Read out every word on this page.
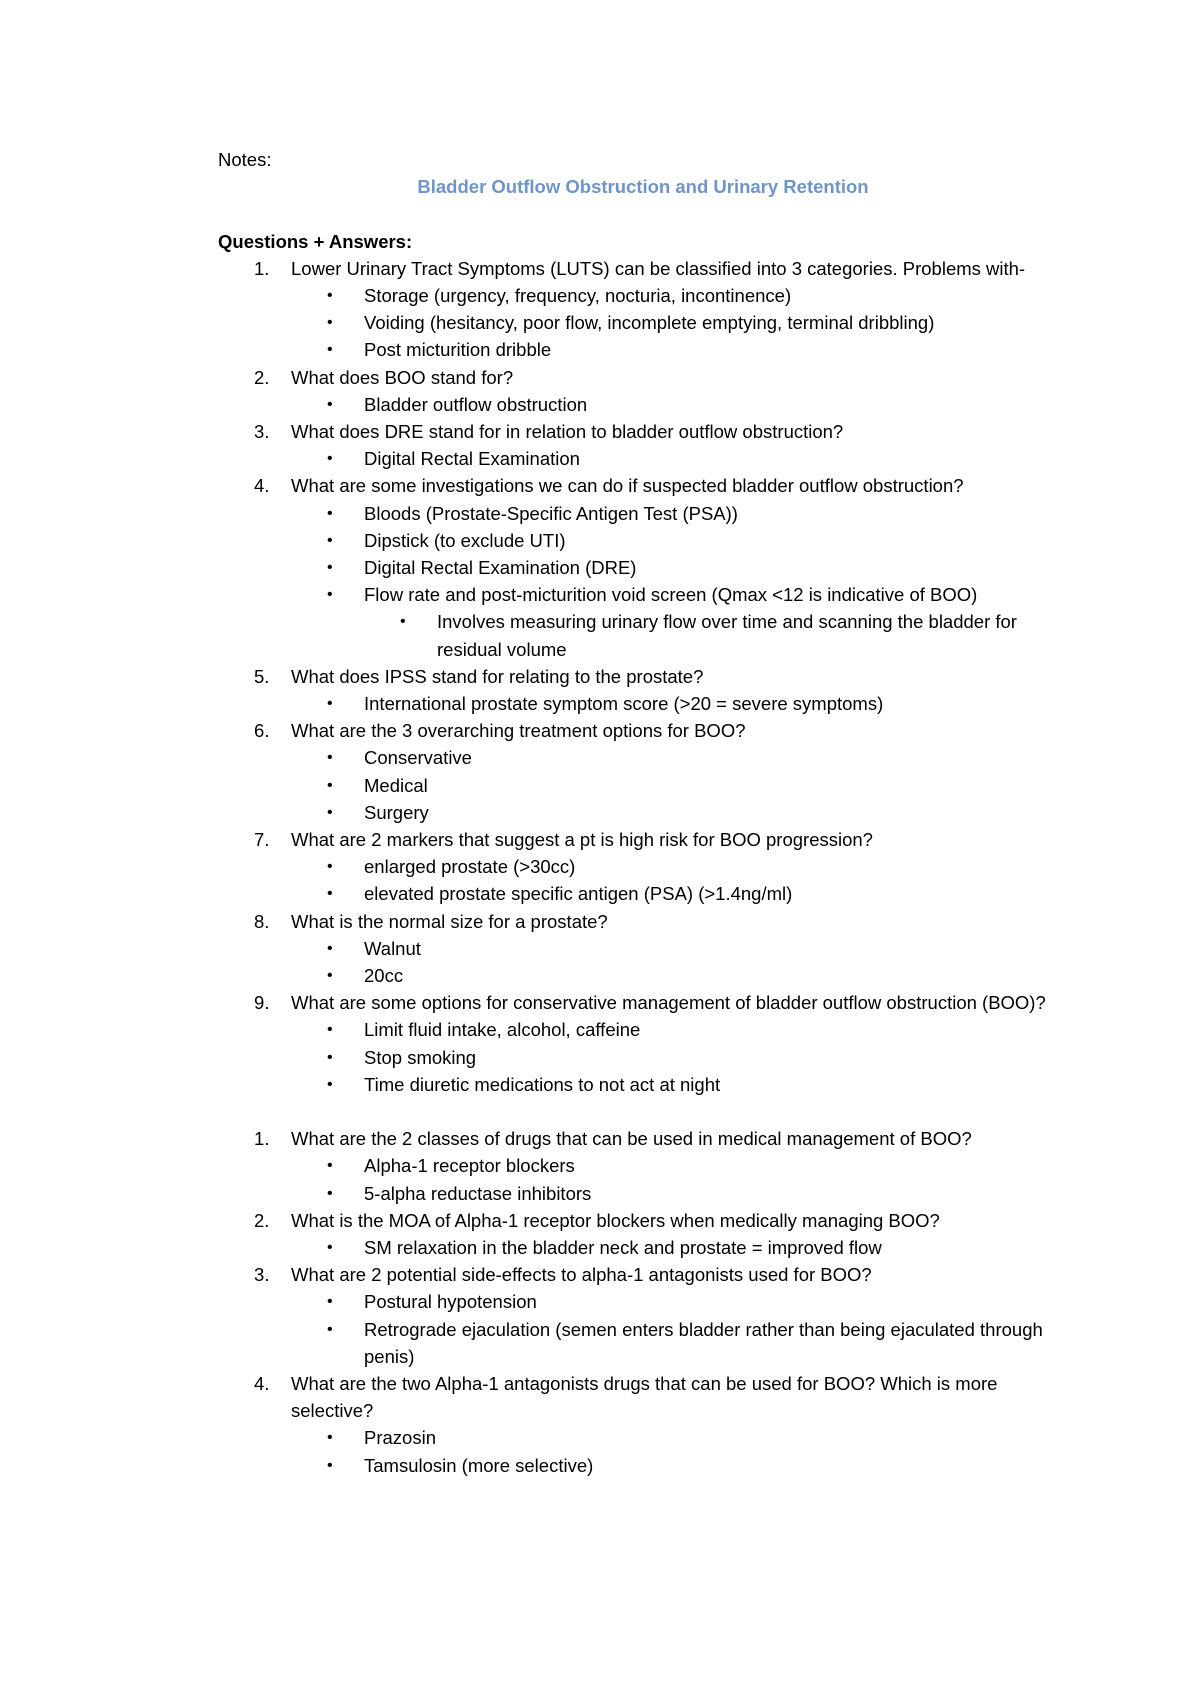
Notes:

Bladder Outflow Obstruction and Urinary Retention

Questions + Answers:

1.	Lower Urinary Tract Symptoms (LUTS) can be classified into 3 categories. Problems with-
• Storage (urgency, frequency, nocturia, incontinence)
• Voiding (hesitancy, poor flow, incomplete emptying, terminal dribbling)
• Post micturition dribble
2.	What does BOO stand for?
• Bladder outflow obstruction
3.	What does DRE stand for in relation to bladder outflow obstruction?
• Digital Rectal Examination
4.	What are some investigations we can do if suspected bladder outflow obstruction?
• Bloods (Prostate-Specific Antigen Test (PSA))
• Dipstick (to exclude UTI)
• Digital Rectal Examination (DRE)
• Flow rate and post-micturition void screen (Qmax <12 is indicative of BOO)
• Involves measuring urinary flow over time and scanning the bladder for residual volume
5.	What does IPSS stand for relating to the prostate?
• International prostate symptom score (>20 = severe symptoms)
6.	What are the 3 overarching treatment options for BOO?
• Conservative
• Medical
• Surgery
7.	What are 2 markers that suggest a pt is high risk for BOO progression?
• enlarged prostate (>30cc)
• elevated prostate specific antigen (PSA) (>1.4ng/ml)
8.	What is the normal size for a prostate?
• Walnut
• 20cc
9.	What are some options for conservative management of bladder outflow obstruction (BOO)?
• Limit fluid intake, alcohol, caffeine
• Stop smoking
• Time diuretic medications to not act at night
1.	What are the 2 classes of drugs that can be used in medical management of BOO?
• Alpha-1 receptor blockers
• 5-alpha reductase inhibitors
2.	What is the MOA of Alpha-1 receptor blockers when medically managing BOO?
• SM relaxation in the bladder neck and prostate = improved flow
3.	What are 2 potential side-effects to alpha-1 antagonists used for BOO?
• Postural hypotension
• Retrograde ejaculation (semen enters bladder rather than being ejaculated through penis)
4.	What are the two Alpha-1 antagonists drugs that can be used for BOO? Which is more selective?
• Prazosin
• Tamsulosin (more selective)
